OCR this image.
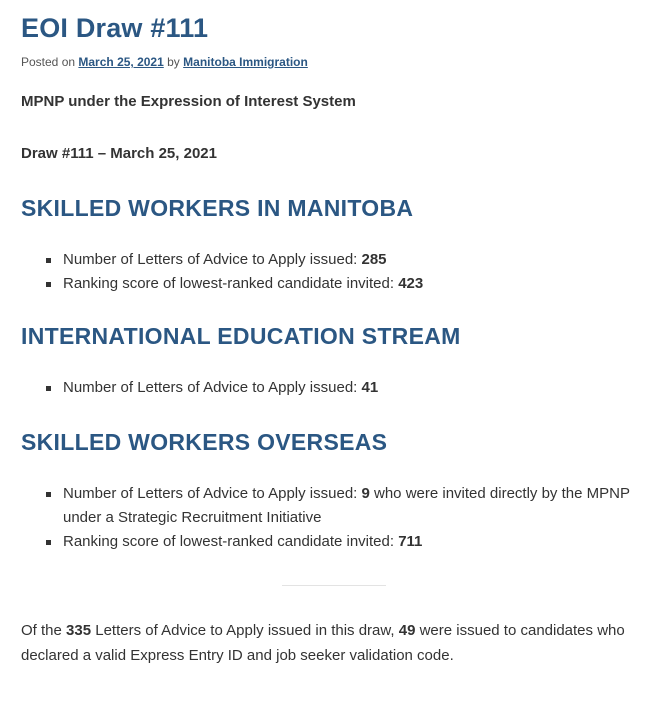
EOI Draw #111
Posted on March 25, 2021 by Manitoba Immigration

MPNP under the Expression of Interest System

Draw #111 – March 25, 2021

SKILLED WORKERS IN MANITOBA
Number of Letters of Advice to Apply issued: 285
Ranking score of lowest-ranked candidate invited: 423
INTERNATIONAL EDUCATION STREAM
Number of Letters of Advice to Apply issued: 41
SKILLED WORKERS OVERSEAS
Number of Letters of Advice to Apply issued: 9 who were invited directly by the MPNP under a Strategic Recruitment Initiative
Ranking score of lowest-ranked candidate invited: 711

Of the 335 Letters of Advice to Apply issued in this draw, 49 were issued to candidates who declared a valid Express Entry ID and job seeker validation code.
